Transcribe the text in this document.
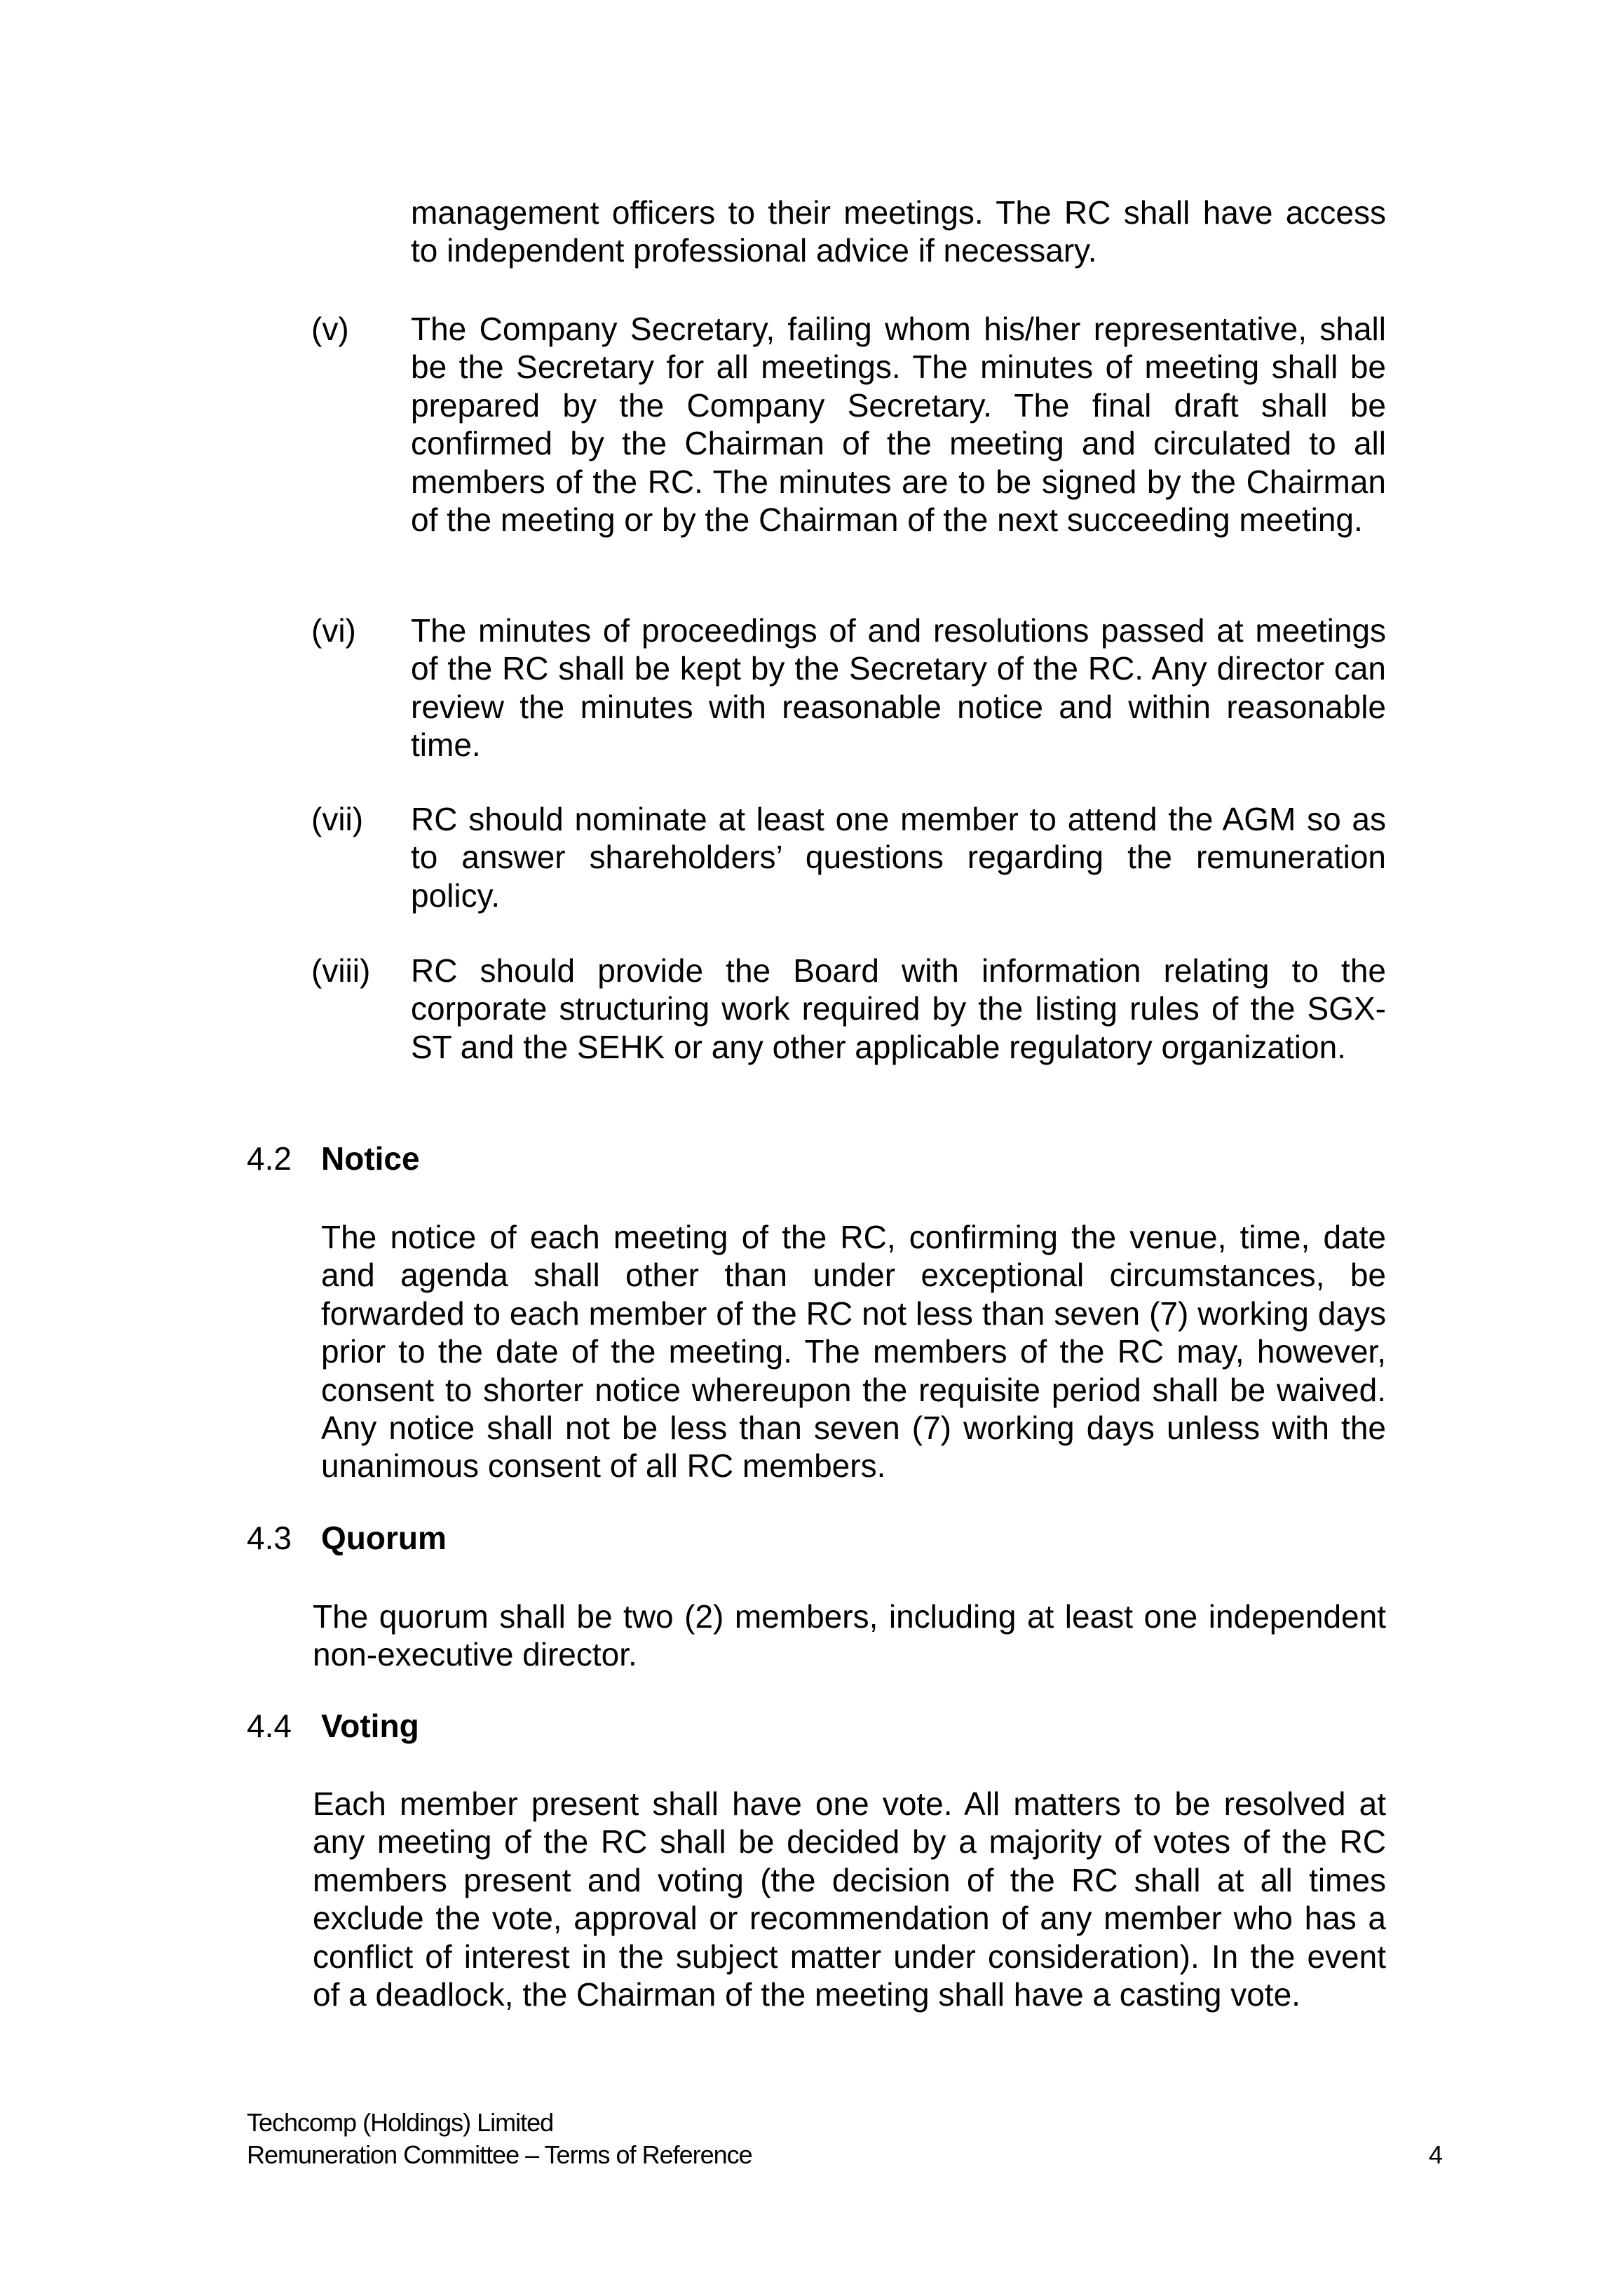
management officers to their meetings. The RC shall have access to independent professional advice if necessary.

(v) The Company Secretary, failing whom his/her representative, shall be the Secretary for all meetings. The minutes of meeting shall be prepared by the Company Secretary. The final draft shall be confirmed by the Chairman of the meeting and circulated to all members of the RC. The minutes are to be signed by the Chairman of the meeting or by the Chairman of the next succeeding meeting.

(vi) The minutes of proceedings of and resolutions passed at meetings of the RC shall be kept by the Secretary of the RC. Any director can review the minutes with reasonable notice and within reasonable time.

(vii) RC should nominate at least one member to attend the AGM so as to answer shareholders’ questions regarding the remuneration policy.

(viii) RC should provide the Board with information relating to the corporate structuring work required by the listing rules of the SGX-ST and the SEHK or any other applicable regulatory organization.

4.2 Notice

The notice of each meeting of the RC, confirming the venue, time, date and agenda shall other than under exceptional circumstances, be forwarded to each member of the RC not less than seven (7) working days prior to the date of the meeting. The members of the RC may, however, consent to shorter notice whereupon the requisite period shall be waived. Any notice shall not be less than seven (7) working days unless with the unanimous consent of all RC members.

4.3 Quorum

The quorum shall be two (2) members, including at least one independent non-executive director.

4.4 Voting

Each member present shall have one vote. All matters to be resolved at any meeting of the RC shall be decided by a majority of votes of the RC members present and voting (the decision of the RC shall at all times exclude the vote, approval or recommendation of any member who has a conflict of interest in the subject matter under consideration). In the event of a deadlock, the Chairman of the meeting shall have a casting vote.

Techcomp (Holdings) Limited
Remuneration Committee – Terms of Reference	4
